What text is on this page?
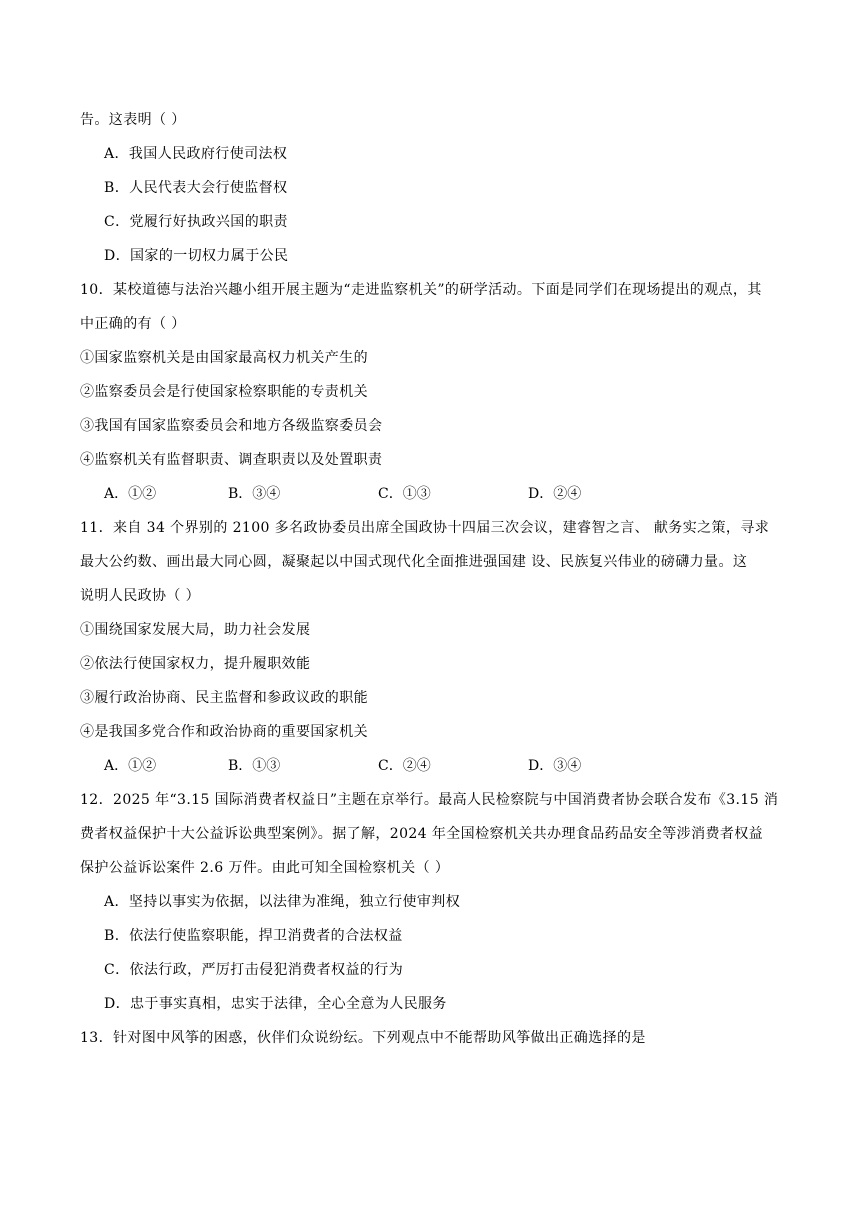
告。这表明（ ）
A．我国人民政府行使司法权
B．人民代表大会行使监督权
C．党履行好执政兴国的职责
D．国家的一切权力属于公民
10．某校道德与法治兴趣小组开展主题为“走进监察机关”的研学活动。下面是同学们在现场提出的观点，其
中正确的有（ ）
①国家监察机关是由国家最高权力机关产生的
②监察委员会是行使国家检察职能的专责机关
③我国有国家监察委员会和地方各级监察委员会
④监察机关有监督职责、调查职责以及处置职责
A．①②	B．③④	C．①③	D．②④
11．来自 34 个界别的 2100 多名政协委员出席全国政协十四届三次会议，建睿智之言、 献务实之策，寻求
最大公约数、画出最大同心圆，凝聚起以中国式现代化全面推进强国建 设、民族复兴伟业的磅礴力量。这
说明人民政协（ ）
①围绕国家发展大局，助力社会发展
②依法行使国家权力，提升履职效能
③履行政治协商、民主监督和参政议政的职能
④是我国多党合作和政治协商的重要国家机关
A．①②	B．①③	C．②④	D．③④
12．2025 年“3.15 国际消费者权益日”主题在京举行。最高人民检察院与中国消费者协会联合发布《3.15 消
费者权益保护十大公益诉讼典型案例》。据了解，2024 年全国检察机关共办理食品药品安全等涉消费者权益
保护公益诉讼案件 2.6 万件。由此可知全国检察机关（ ）
A．坚持以事实为依据，以法律为准绳，独立行使审判权
B．依法行使监察职能，捍卫消费者的合法权益
C．依法行政，严厉打击侵犯消费者权益的行为
D．忠于事实真相，忠实于法律，全心全意为人民服务
13．针对图中风筝的困惑，伙伴们众说纷纭。下列观点中不能帮助风筝做出正确选择的是
